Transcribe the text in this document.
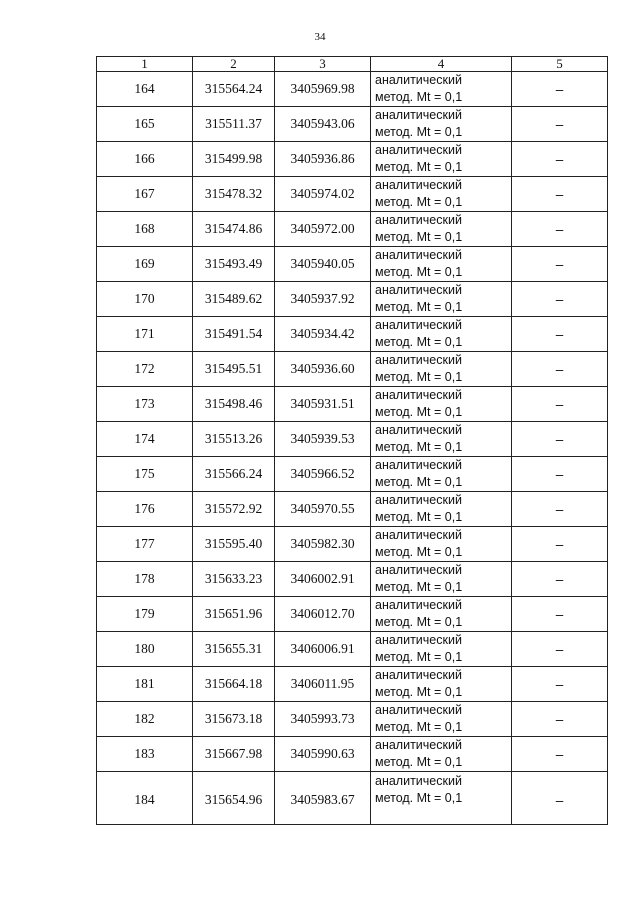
34
1	2	3	4	5
164	315564.24	3405969.98	аналитический
метод. Mt = 0,1	–
165	315511.37	3405943.06	аналитический
метод. Mt = 0,1	–
166	315499.98	3405936.86	аналитический
метод. Mt = 0,1	–
167	315478.32	3405974.02	аналитический
метод. Mt = 0,1	–
168	315474.86	3405972.00	аналитический
метод. Mt = 0,1	–
169	315493.49	3405940.05	аналитический
метод. Mt = 0,1	–
170	315489.62	3405937.92	аналитический
метод. Mt = 0,1	–
171	315491.54	3405934.42	аналитический
метод. Mt = 0,1	–
172	315495.51	3405936.60	аналитический
метод. Mt = 0,1	–
173	315498.46	3405931.51	аналитический
метод. Mt = 0,1	–
174	315513.26	3405939.53	аналитический
метод. Mt = 0,1	–
175	315566.24	3405966.52	аналитический
метод. Mt = 0,1	–
176	315572.92	3405970.55	аналитический
метод. Mt = 0,1	–
177	315595.40	3405982.30	аналитический
метод. Mt = 0,1	–
178	315633.23	3406002.91	аналитический
метод. Mt = 0,1	–
179	315651.96	3406012.70	аналитический
метод. Mt = 0,1	–
180	315655.31	3406006.91	аналитический
метод. Mt = 0,1	–
181	315664.18	3406011.95	аналитический
метод. Mt = 0,1	–
182	315673.18	3405993.73	аналитический
метод. Mt = 0,1	–
183	315667.98	3405990.63	аналитический
метод. Mt = 0,1	–
184	315654.96	3405983.67	аналитический
метод. Mt = 0,1	–
